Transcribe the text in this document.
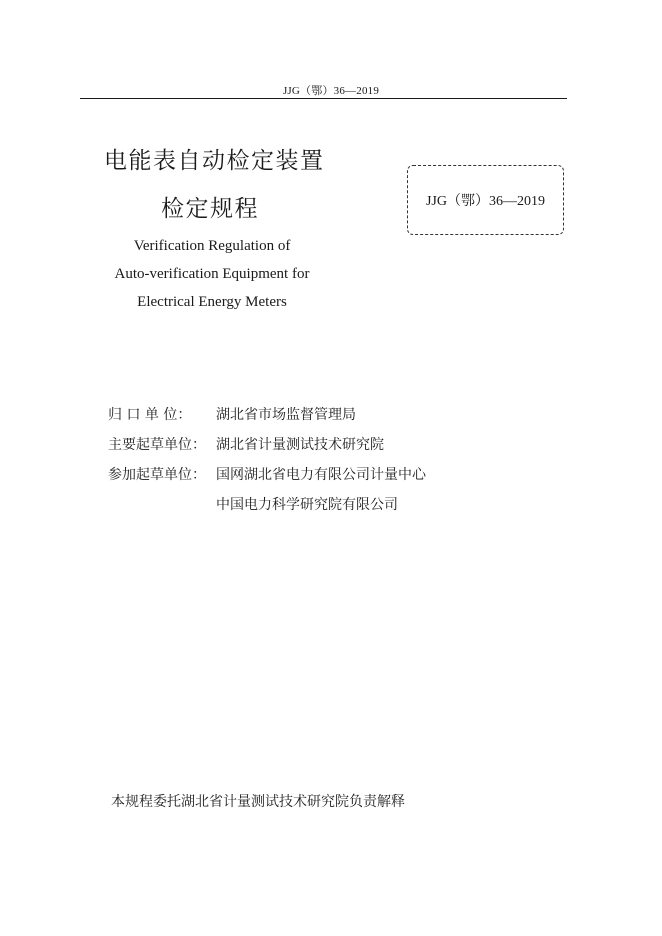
JJG（鄂）36—2019
电能表自动检定装置
检定规程
Verification Regulation of
Auto-verification Equipment for
Electrical Energy Meters
JJG（鄂）36—2019
归 口 单 位：	湖北省市场监督管理局
主要起草单位： 湖北省计量测试技术研究院
参加起草单位： 国网湖北省电力有限公司计量中心
中国电力科学研究院有限公司
本规程委托湖北省计量测试技术研究院负责解释
